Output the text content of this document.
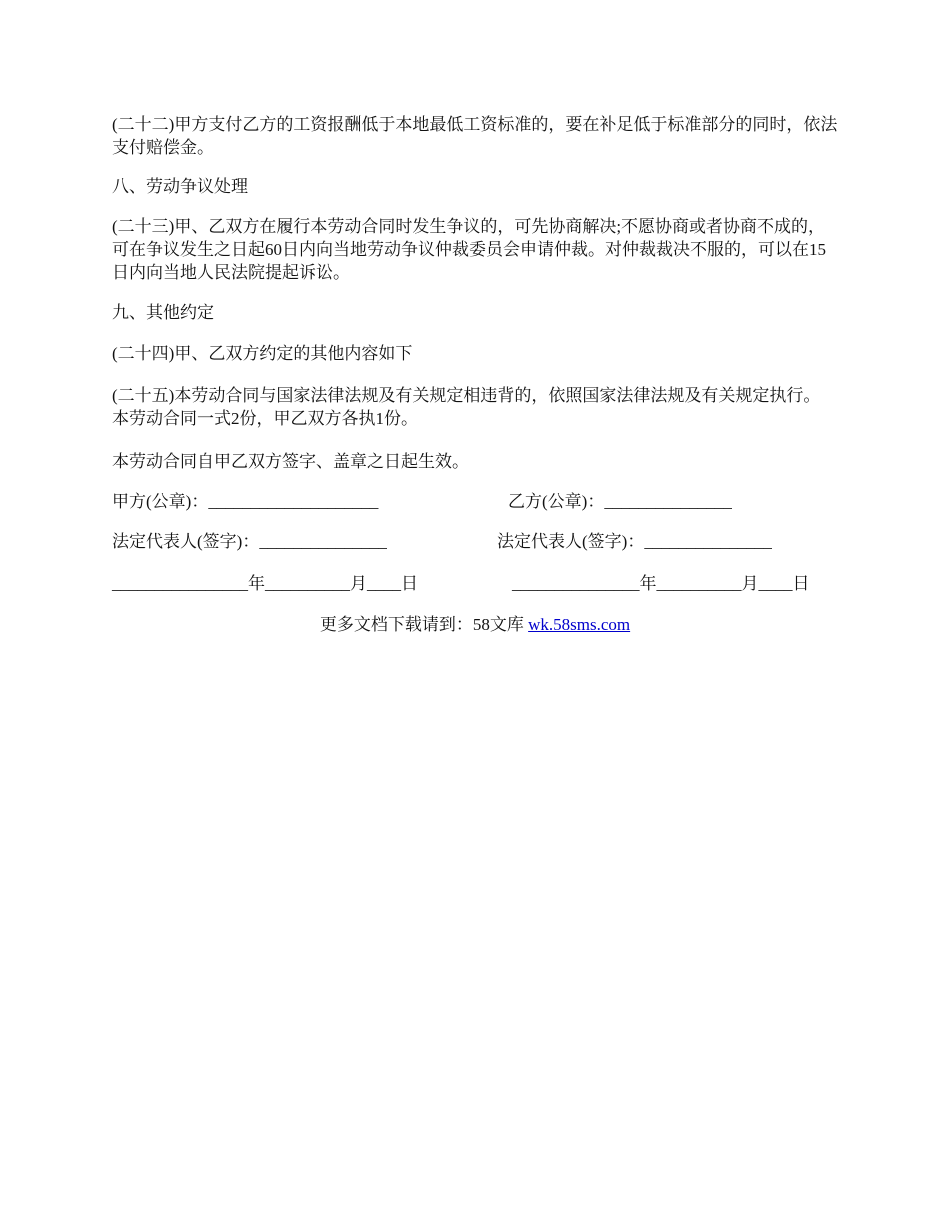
(二十二)甲方支付乙方的工资报酬低于本地最低工资标准的，要在补足低于标准部分的同时，依法支付赔偿金。

八、劳动争议处理

(二十三)甲、乙双方在履行本劳动合同时发生争议的，可先协商解决;不愿协商或者协商不成的，可在争议发生之日起60日内向当地劳动争议仲裁委员会申请仲裁。对仲裁裁决不服的，可以在15日内向当地人民法院提起诉讼。

九、其他约定

(二十四)甲、乙双方约定的其他内容如下

(二十五)本劳动合同与国家法律法规及有关规定相违背的，依照国家法律法规及有关规定执行。 本劳动合同一式2份，甲乙双方各执1份。

本劳动合同自甲乙双方签字、盖章之日起生效。

甲方(公章)：____________________	乙方(公章)：_______________
法定代表人(签字)：_______________	法定代表人(签字)：_______________
________________年__________月____日	_______________年__________月____日
更多文档下载请到：58文库 wk.58sms.com
